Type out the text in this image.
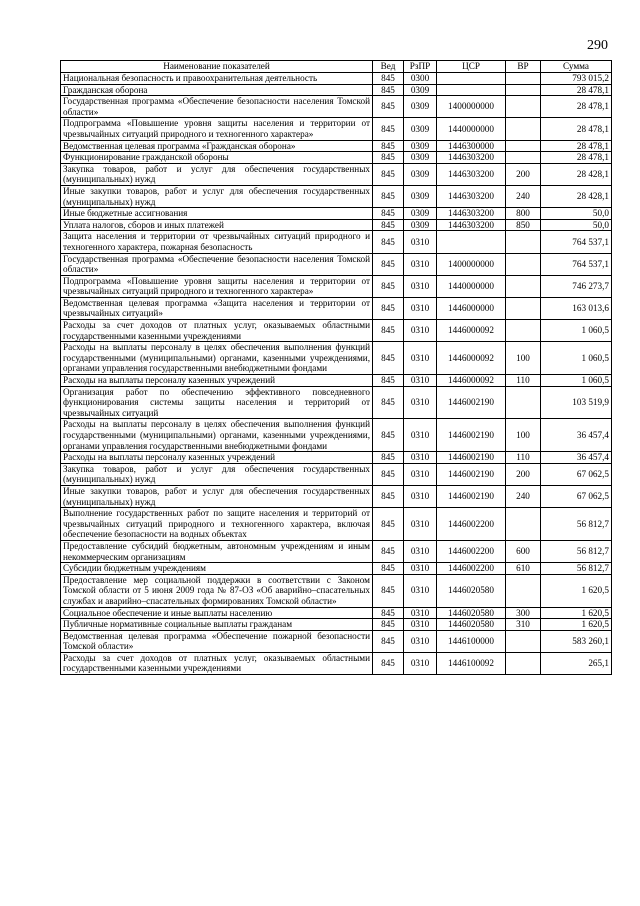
290
Наименование показателей	Вед	РзПР	ЦСР	ВР	Сумма
Национальная безопасность и правоохранительная деятельность	845	0300			793 015,2
Гражданская оборона	845	0309			28 478,1
Государственная программа «Обеспечение безопасности населения Томской области»	845	0309	1400000000		28 478,1
Подпрограмма «Повышение уровня защиты населения и территории от чрезвычайных ситуаций природного и техногенного характера»	845	0309	1440000000		28 478,1
Ведомственная целевая программа «Гражданская оборона»	845	0309	1446300000		28 478,1
Функционирование гражданской обороны	845	0309	1446303200		28 478,1
Закупка товаров, работ и услуг для обеспечения государственных (муниципальных) нужд	845	0309	1446303200	200	28 428,1
Иные закупки товаров, работ и услуг для обеспечения государственных (муниципальных) нужд	845	0309	1446303200	240	28 428,1
Иные бюджетные ассигнования	845	0309	1446303200	800	50,0
Уплата налогов, сборов и иных платежей	845	0309	1446303200	850	50,0
Защита населения и территории от чрезвычайных ситуаций природного и техногенного характера, пожарная безопасность	845	0310			764 537,1
Государственная программа «Обеспечение безопасности населения Томской области»	845	0310	1400000000		764 537,1
Подпрограмма «Повышение уровня защиты населения и территории от чрезвычайных ситуаций природного и техногенного характера»	845	0310	1440000000		746 273,7
Ведомственная целевая программа «Защита населения и территории от чрезвычайных ситуаций»	845	0310	1446000000		163 013,6
Расходы за счет доходов от платных услуг, оказываемых областными государственными казенными учреждениями	845	0310	1446000092		1 060,5
Расходы на выплаты персоналу в целях обеспечения выполнения функций государственными (муниципальными) органами, казенными учреждениями, органами управления государственными внебюджетными фондами	845	0310	1446000092	100	1 060,5
Расходы на выплаты персоналу казенных учреждений	845	0310	1446000092	110	1 060,5
Организация работ по обеспечению эффективного повседневного функционирования системы защиты населения и территорий от чрезвычайных ситуаций	845	0310	1446002190		103 519,9
Расходы на выплаты персоналу в целях обеспечения выполнения функций государственными (муниципальными) органами, казенными учреждениями, органами управления государственными внебюджетными фондами	845	0310	1446002190	100	36 457,4
Расходы на выплаты персоналу казенных учреждений	845	0310	1446002190	110	36 457,4
Закупка товаров, работ и услуг для обеспечения государственных (муниципальных) нужд	845	0310	1446002190	200	67 062,5
Иные закупки товаров, работ и услуг для обеспечения государственных (муниципальных) нужд	845	0310	1446002190	240	67 062,5
Выполнение государственных работ по защите населения и территорий от чрезвычайных ситуаций природного и техногенного характера, включая обеспечение безопасности на водных объектах	845	0310	1446002200		56 812,7
Предоставление субсидий бюджетным, автономным учреждениям и иным некоммерческим организациям	845	0310	1446002200	600	56 812,7
Субсидии бюджетным учреждениям	845	0310	1446002200	610	56 812,7
Предоставление мер социальной поддержки в соответствии с Законом Томской области от 5 июня 2009 года № 87-ОЗ «Об аварийно–спасательных службах и аварийно–спасательных формированиях Томской области»	845	0310	1446020580		1 620,5
Социальное обеспечение и иные выплаты населению	845	0310	1446020580	300	1 620,5
Публичные нормативные социальные выплаты гражданам	845	0310	1446020580	310	1 620,5
Ведомственная целевая программа «Обеспечение пожарной безопасности Томской области»	845	0310	1446100000		583 260,1
Расходы за счет доходов от платных услуг, оказываемых областными государственными казенными учреждениями	845	0310	1446100092		265,1
